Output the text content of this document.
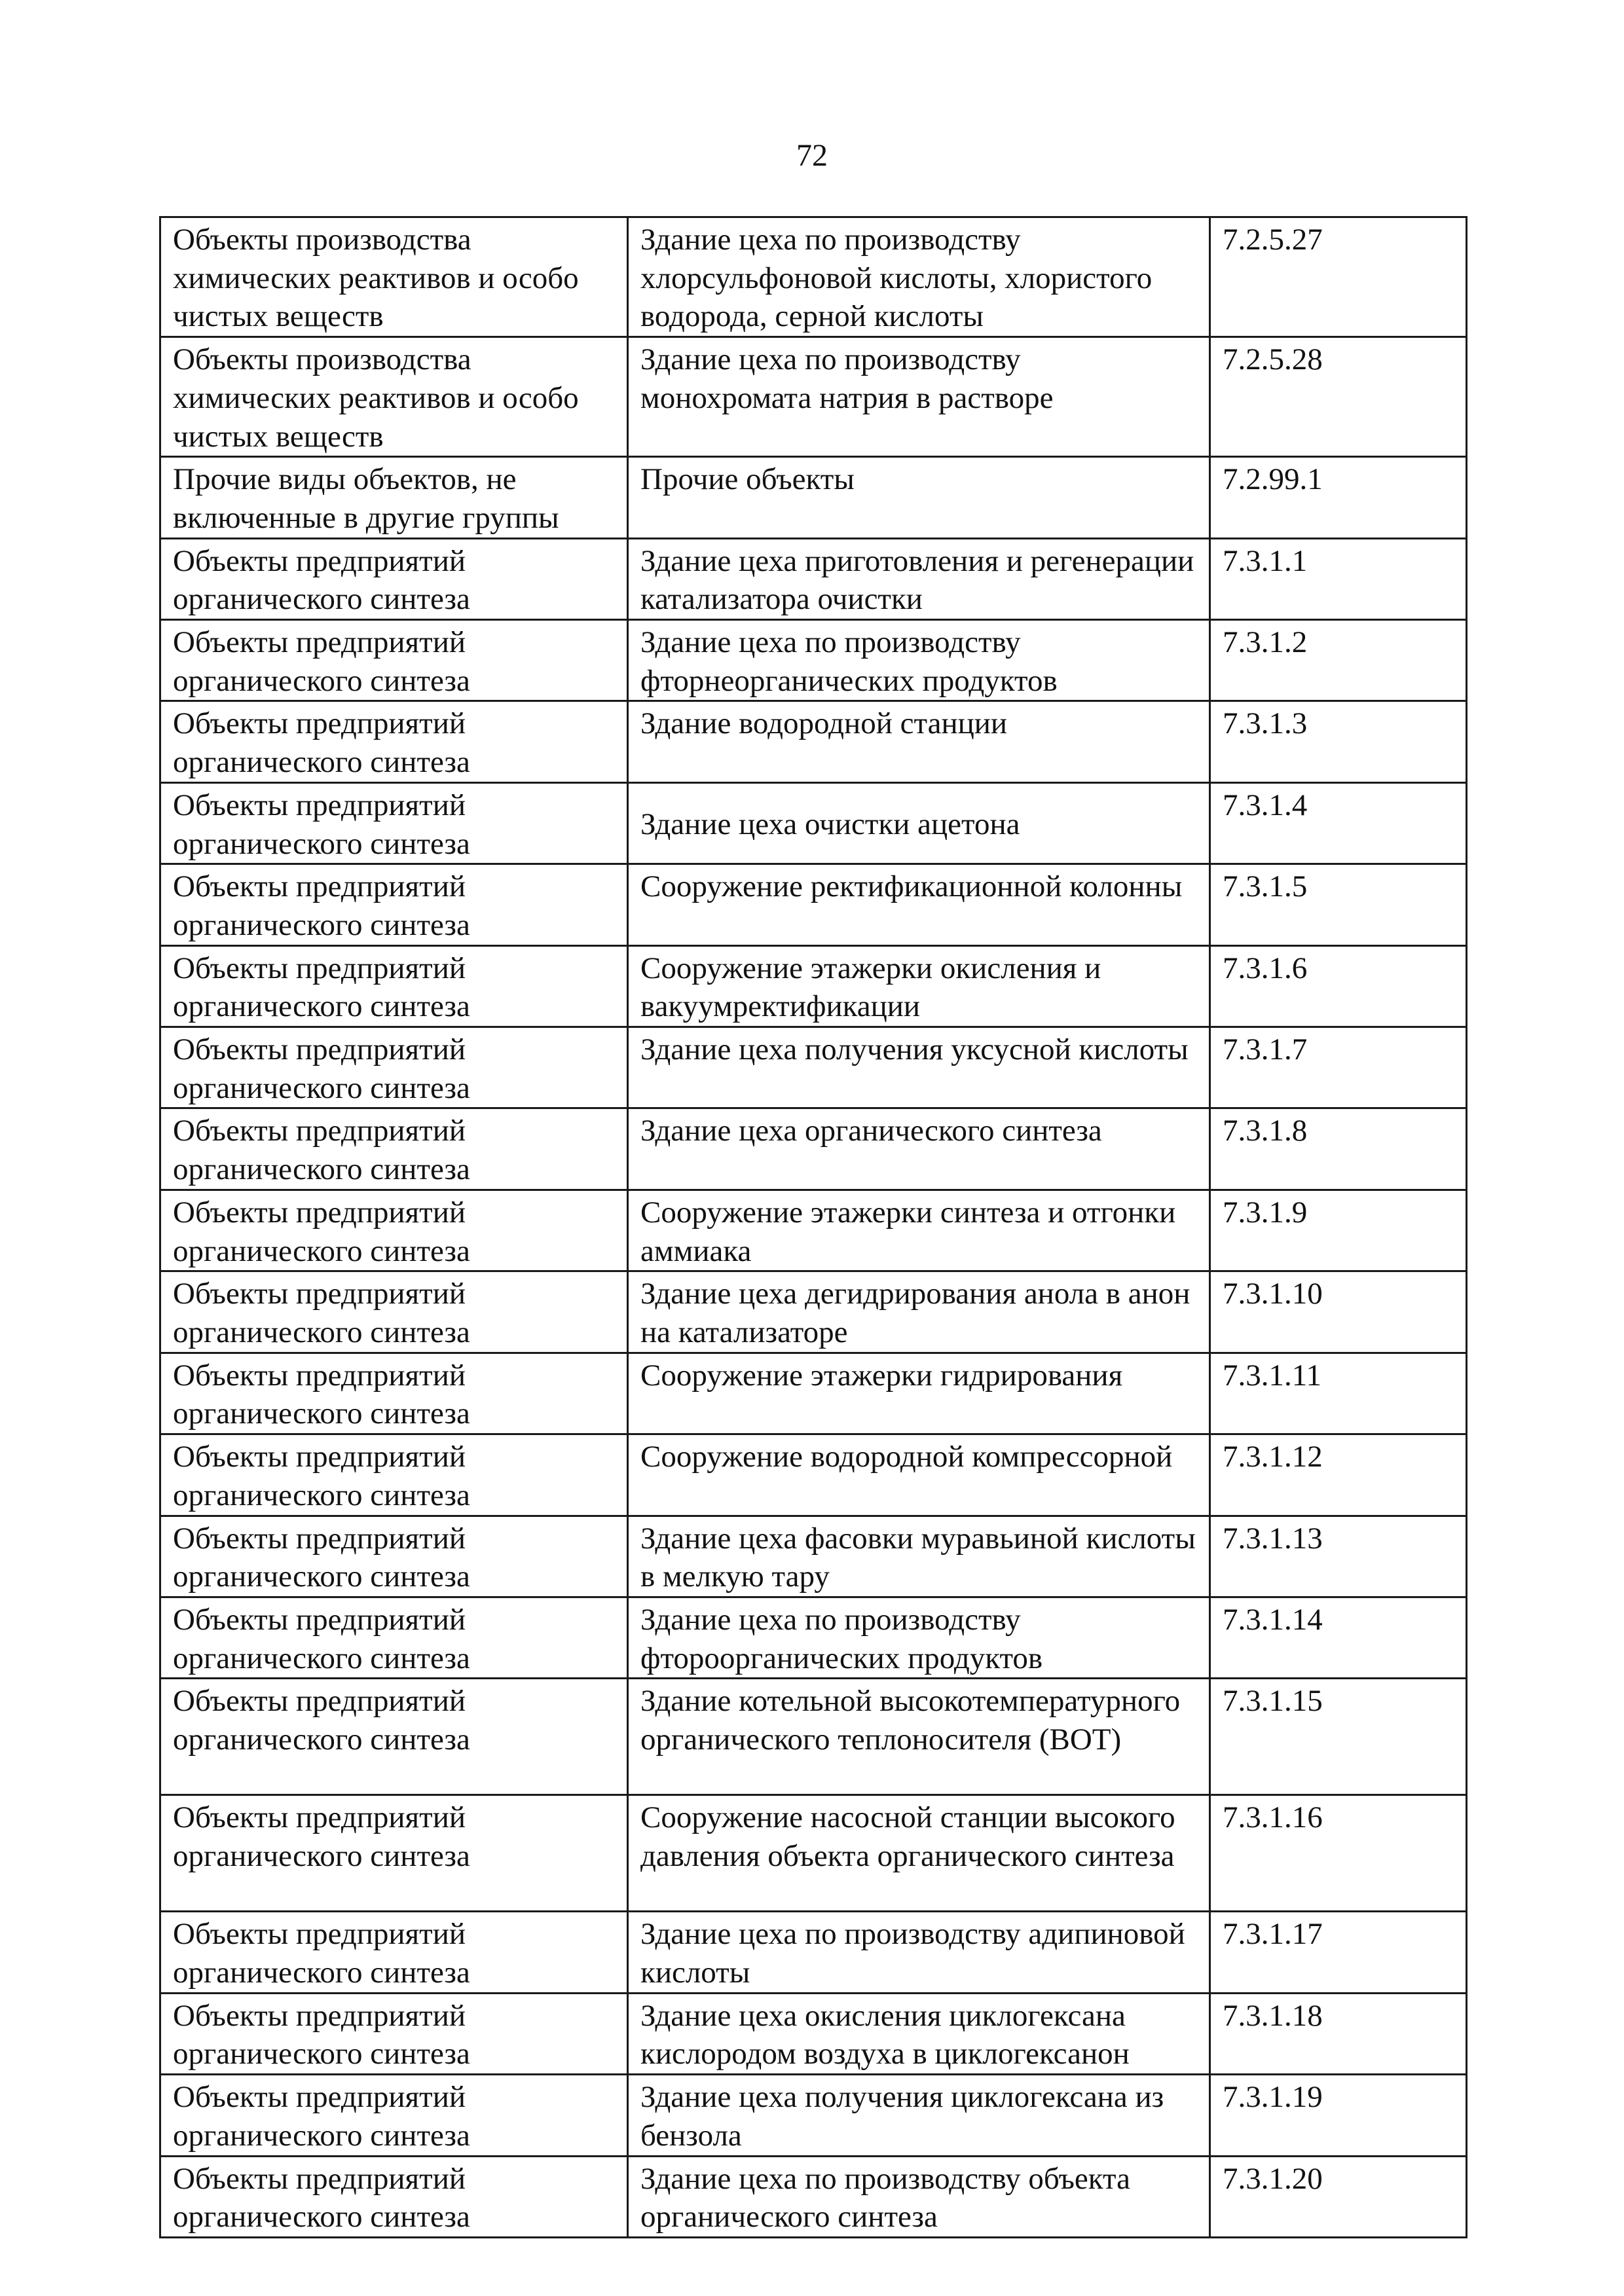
72
Объекты производства химических реактивов и особо чистых веществ	Здание цеха по производству хлорсульфоновой кислоты, хлористого водорода, серной кислоты	7.2.5.27
Объекты производства химических реактивов и особо чистых веществ	Здание цеха по производству монохромата натрия в растворе	7.2.5.28
Прочие виды объектов, не включенные в другие группы	Прочие объекты	7.2.99.1
Объекты предприятий органического синтеза	Здание цеха приготовления и регенерации катализатора очистки	7.3.1.1
Объекты предприятий органического синтеза	Здание цеха по производству фторнеорганических продуктов	7.3.1.2
Объекты предприятий органического синтеза	Здание водородной станции	7.3.1.3
Объекты предприятий органического синтеза	Здание цеха очистки ацетона	7.3.1.4
Объекты предприятий органического синтеза	Сооружение ректификационной колонны	7.3.1.5
Объекты предприятий органического синтеза	Сооружение этажерки окисления и вакуумректификации	7.3.1.6
Объекты предприятий органического синтеза	Здание цеха получения уксусной кислоты	7.3.1.7
Объекты предприятий органического синтеза	Здание цеха органического синтеза	7.3.1.8
Объекты предприятий органического синтеза	Сооружение этажерки синтеза и отгонки аммиака	7.3.1.9
Объекты предприятий органического синтеза	Здание цеха дегидрирования анола в анон на катализаторе	7.3.1.10
Объекты предприятий органического синтеза	Сооружение этажерки гидрирования	7.3.1.11
Объекты предприятий органического синтеза	Сооружение водородной компрессорной	7.3.1.12
Объекты предприятий органического синтеза	Здание цеха фасовки муравьиной кислоты в мелкую тару	7.3.1.13
Объекты предприятий органического синтеза	Здание цеха по производству фтороорганических продуктов	7.3.1.14
Объекты предприятий органического синтеза	Здание котельной высокотемпературного органического теплоносителя (ВОТ)	7.3.1.15
Объекты предприятий органического синтеза	Сооружение насосной станции высокого давления объекта органического синтеза	7.3.1.16
Объекты предприятий органического синтеза	Здание цеха по производству адипиновой кислоты	7.3.1.17
Объекты предприятий органического синтеза	Здание цеха окисления циклогексана кислородом воздуха в циклогексанон	7.3.1.18
Объекты предприятий органического синтеза	Здание цеха получения циклогексана из бензола	7.3.1.19
Объекты предприятий органического синтеза	Здание цеха по производству объекта органического синтеза	7.3.1.20
